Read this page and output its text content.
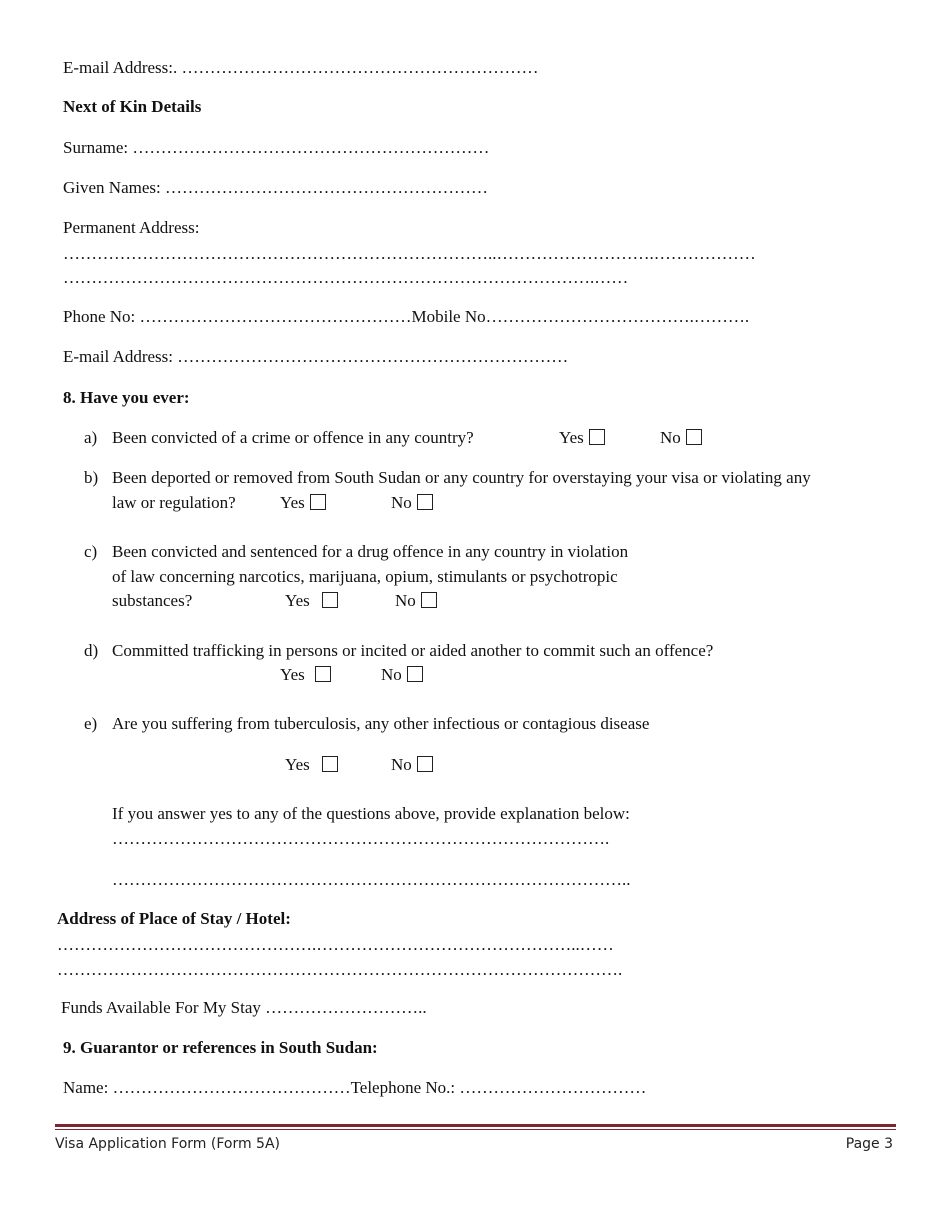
E-mail Address:. ………………………………………………………
Next of Kin Details
Surname: ………………………………………………………
Given Names: …………………………………………………
Permanent Address:
…………………………………………………………………..……………………….………………
………………………………………………………………………………….……
Phone No: …………………………………………Mobile No……………………………….……….
E-mail Address: ……………………………………………………………
8. Have you ever:
a) Been convicted of a crime or offence in any country?	Yes	No
b) Been deported or removed from South Sudan or any country for overstaying your visa or violating any
law or regulation?	Yes	No
c) Been convicted and sentenced for a drug offence in any country in violation
of law concerning narcotics, marijuana, opium, stimulants or psychotropic
substances?	Yes	No
d) Committed trafficking in persons or incited or aided another to commit such an offence?
Yes	No
e) Are you suffering from tuberculosis, any other infectious or contagious disease
Yes	No
If you answer yes to any of the questions above, provide explanation below:
…………………………………………………………………………….
………………………………………………………………………………..
Address of Place of Stay / Hotel:
……………………………………….………………………………………..……
……………………………………………………………………………………….
Funds Available For My Stay ………………………..
9. Guarantor or references in South Sudan:
Name: ……………………………………Telephone No.: ……………………………
Visa Application Form (Form 5A)	Page 3
